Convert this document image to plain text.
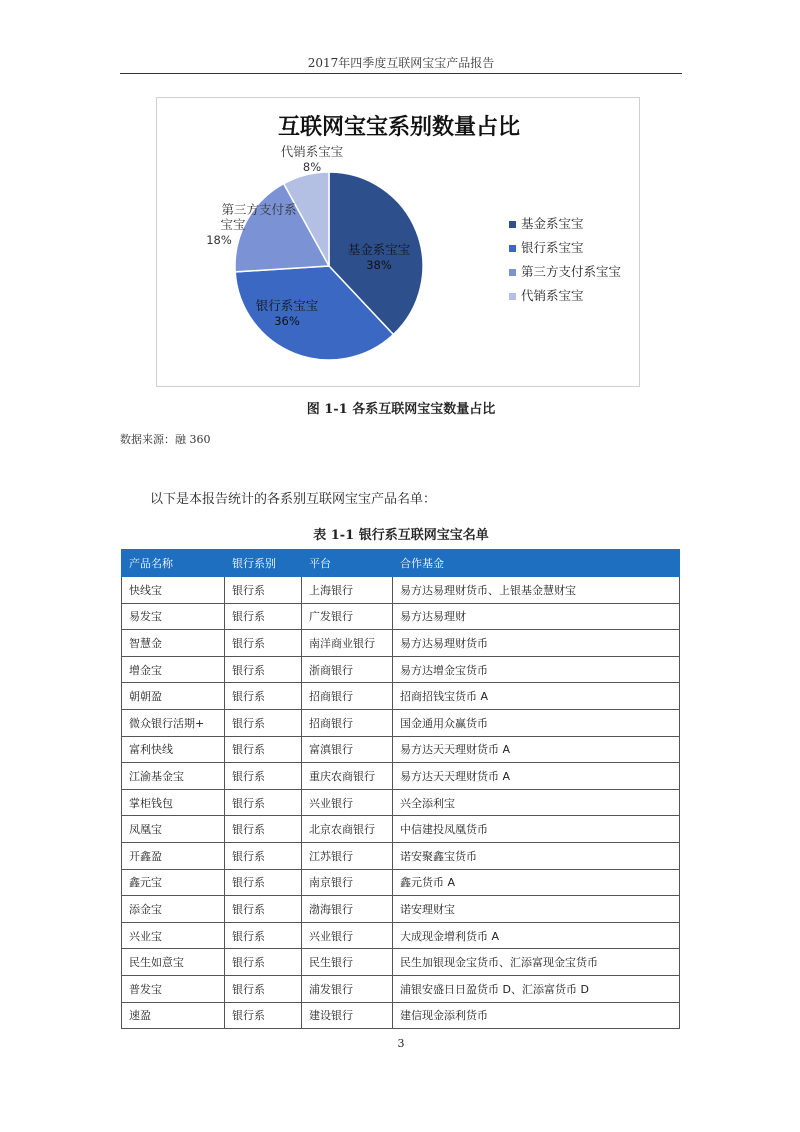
2017年四季度互联网宝宝产品报告
互联网宝宝系别数量占比
基金系宝宝
38%
银行系宝宝
36%
第三方支付系
宝宝
18%
代销系宝宝
8%
基金系宝宝
银行系宝宝
第三方支付系宝宝
代销系宝宝
图 1-1 各系互联网宝宝数量占比
数据来源：融 360
以下是本报告统计的各系别互联网宝宝产品名单：
表 1-1 银行系互联网宝宝名单
产品名称	银行系别	平台	合作基金
快线宝	银行系	上海银行	易方达易理财货币、上银基金慧财宝
易发宝	银行系	广发银行	易方达易理财
智慧金	银行系	南洋商业银行	易方达易理财货币
增金宝	银行系	浙商银行	易方达增金宝货币
朝朝盈	银行系	招商银行	招商招钱宝货币 A
微众银行活期+	银行系	招商银行	国金通用众赢货币
富利快线	银行系	富滇银行	易方达天天理财货币 A
江渝基金宝	银行系	重庆农商银行	易方达天天理财货币 A
掌柜钱包	银行系	兴业银行	兴全添利宝
凤凰宝	银行系	北京农商银行	中信建投凤凰货币
开鑫盈	银行系	江苏银行	诺安聚鑫宝货币
鑫元宝	银行系	南京银行	鑫元货币 A
添金宝	银行系	渤海银行	诺安理财宝
兴业宝	银行系	兴业银行	大成现金增利货币 A
民生如意宝	银行系	民生银行	民生加银现金宝货币、汇添富现金宝货币
普发宝	银行系	浦发银行	浦银安盛日日盈货币 D、汇添富货币 D
速盈	银行系	建设银行	建信现金添利货币
3
